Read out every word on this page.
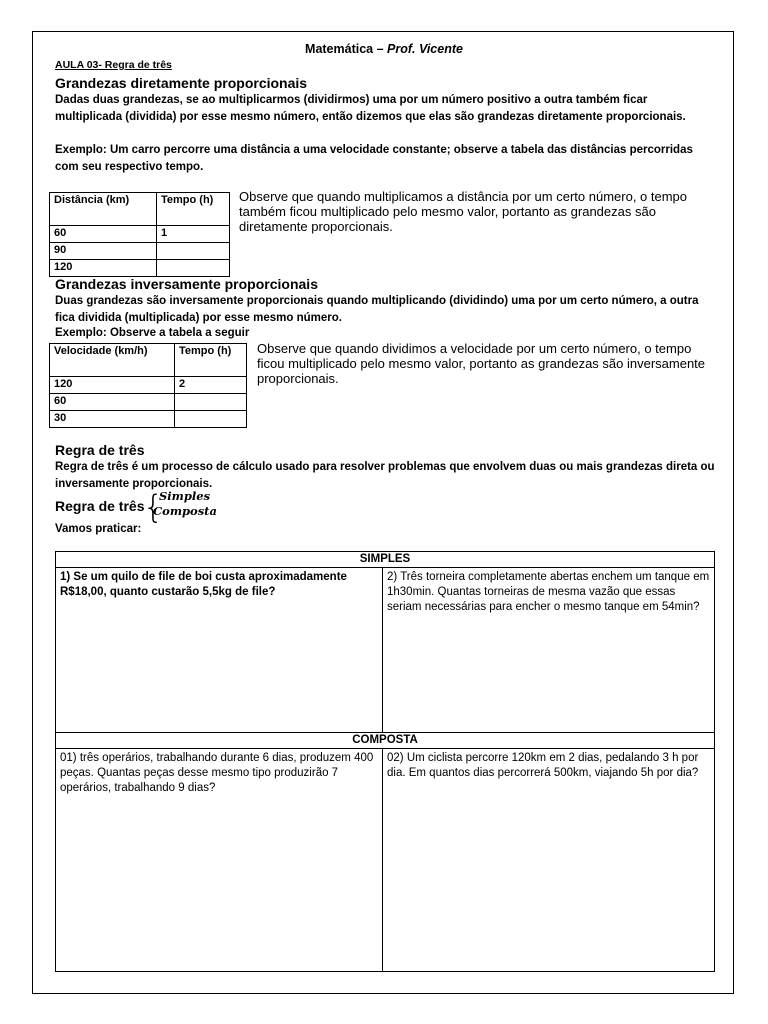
Matemática – Prof. Vicente
AULA 03- Regra de três
Grandezas diretamente proporcionais
Dadas duas grandezas, se ao multiplicarmos (dividirmos) uma por um número positivo a outra também ficar multiplicada (dividida) por esse mesmo número, então dizemos que elas são grandezas diretamente proporcionais.
Exemplo: Um carro percorre uma distância a uma velocidade constante; observe a tabela das distâncias percorridas com seu respectivo tempo.
Distância (km)	Tempo (h)
60	1
90	
120	
Observe que quando multiplicamos a distância por um certo número, o tempo também ficou multiplicado pelo mesmo valor, portanto as grandezas são diretamente proporcionais.
Grandezas inversamente proporcionais
Duas grandezas são inversamente proporcionais quando multiplicando (dividindo) uma por um certo número, a outra fica dividida (multiplicada) por esse mesmo número.
Exemplo: Observe a tabela a seguir
Velocidade (km/h)	Tempo (h)
120	2
60	
30	
Observe que quando dividimos a velocidade por um certo número, o tempo ficou multiplicado pelo mesmo valor, portanto as grandezas são inversamente proporcionais.
Regra de três
Regra de três é um processo de cálculo usado para resolver problemas que envolvem duas ou mais grandezas direta ou inversamente proporcionais.
Regra de três
{
Simples
Composta
Vamos praticar:
SIMPLES	
1) Se um quilo de file de boi custa aproximadamente R$18,00, quanto custarão 5,5kg de file?	2) Três torneira completamente abertas enchem um tanque em 1h30min. Quantas torneiras de mesma vazão que essas seriam necessárias para encher o mesmo tanque em 54min?
COMPOSTA	
01) três operários, trabalhando durante 6 dias, produzem 400 peças. Quantas peças desse mesmo tipo produzirão 7 operários, trabalhando 9 dias?	02) Um ciclista percorre 120km em 2 dias, pedalando 3 h por dia. Em quantos dias percorrerá 500km, viajando 5h por dia?
